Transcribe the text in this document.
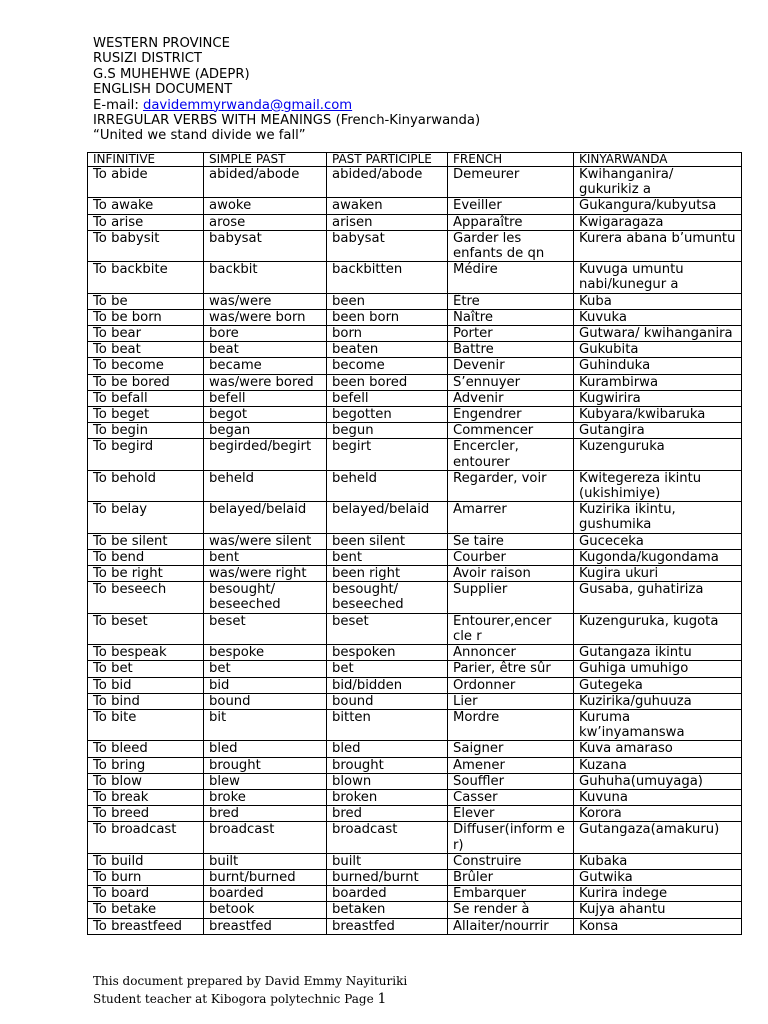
WESTERN PROVINCE
RUSIZI DISTRICT
G.S MUHEHWE (ADEPR)
ENGLISH DOCUMENT
E-mail: davidemmyrwanda@gmail.com
IRREGULAR VERBS WITH MEANINGS (French-Kinyarwanda)
“United we stand divide we fall”
INFINITIVE	SIMPLE PAST	PAST PARTICIPLE	FRENCH	KINYARWANDA
To abide	abided/abode	abided/abode	Demeurer	Kwihanganira/ gukurikiz a
To awake	awoke	awaken	Eveiller	Gukangura/kubyutsa
To arise	arose	arisen	Apparaître	Kwigaragaza
To babysit	babysat	babysat	Garder les enfants de qn	Kurera abana b’umuntu
To backbite	backbit	backbitten	Médire	Kuvuga umuntu nabi/kunegur a
To be	was/were	been	Être	Kuba
To be born	was/were born	been born	Naître	Kuvuka
To bear	bore	born	Porter	Gutwara/ kwihanganira
To beat	beat	beaten	Battre	Gukubita
To become	became	become	Devenir	Guhinduka
To be bored	was/were bored	been bored	S’ennuyer	Kurambirwa
To befall	befell	befell	Advenir	Kugwirira
To beget	begot	begotten	Engendrer	Kubyara/kwibaruka
To begin	began	begun	Commencer	Gutangira
To begird	begirded/begirt	begirt	Encercler, entourer	Kuzenguruka
To behold	beheld	beheld	Regarder, voir	Kwitegereza ikintu (ukishimiye)
To belay	belayed/belaid	belayed/belaid	Amarrer	Kuzirika ikintu, gushumika
To be silent	was/were silent	been silent	Se taire	Guceceka
To bend	bent	bent	Courber	Kugonda/kugondama
To be right	was/were right	been right	Avoir raison	Kugira ukuri
To beseech	besought/ beseeched	besought/ beseeched	Supplier	Gusaba, guhatiriza
To beset	beset	beset	Entourer,encer cle r	Kuzenguruka, kugota
To bespeak	bespoke	bespoken	Annoncer	Gutangaza ikintu
To bet	bet	bet	Parier, être sûr	Guhiga umuhigo
To bid	bid	bid/bidden	Ordonner	Gutegeka
To bind	bound	bound	Lier	Kuzirika/guhuuza
To bite	bit	bitten	Mordre	Kuruma kw’inyamanswa
To bleed	bled	bled	Saigner	Kuva amaraso
To bring	brought	brought	Amener	Kuzana
To blow	blew	blown	Souffler	Guhuha(umuyaga)
To break	broke	broken	Casser	Kuvuna
To breed	bred	bred	Elever	Korora
To broadcast	broadcast	broadcast	Diffuser(inform e r)	Gutangaza(amakuru)
To build	built	built	Construire	Kubaka
To burn	burnt/burned	burned/burnt	Brûler	Gutwika
To board	boarded	boarded	Embarquer	Kurira indege
To betake	betook	betaken	Se render à	Kujya ahantu
To breastfeed	breastfed	breastfed	Allaiter/nourrir	Konsa
This document prepared by David Emmy Nayituriki
Student teacher at Kibogora polytechnic Page 1
